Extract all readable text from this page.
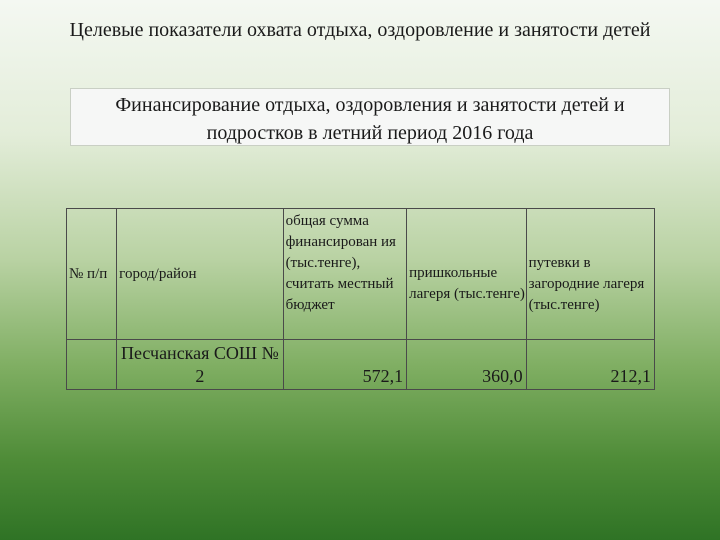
Целевые показатели охвата отдыха, оздоровление и занятости детей
Финансирование отдыха, оздоровления и занятости детей и подростков в летний период 2016 года
№ п/п	город/район	общая сумма финансирован ия (тыс.тенге), считать местный бюджет	пришкольные лагеря (тыс.тенге)	путевки в загородние лагеря (тыс.тенге)
	Песчанская СОШ № 2	572,1	360,0	212,1
